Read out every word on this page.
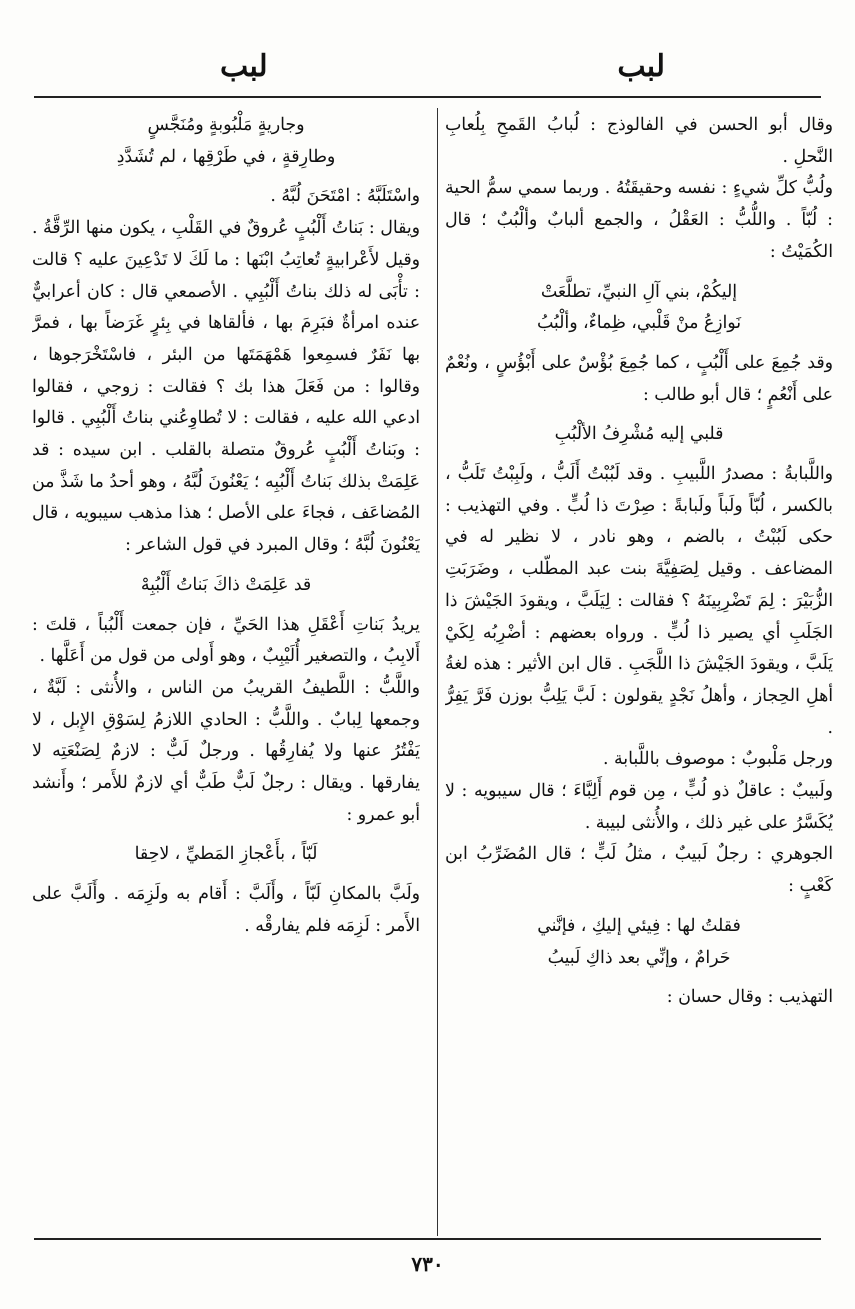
لبب
لبب

وقال أبو الحسن في الفالوذج : لُبابُ القَمحِ بِلُعابِ النَّحلِ .

ولُبُّ كلِّ شيءٍ : نفسه وحقيقَتُهُ . وربما سمي سمُّ الحية : لُبّاً . واللُّبُّ : العَقْلُ ، والجمع ألبابٌ وألْبُبٌ ؛ قال الكُمَيْتُ :

إليكُمْ، بني آلِ النبيِّ، تطلَّعَتْ
نَوازِعُ منْ قَلْبي، ظِماءٌ، وألْبُبُ

وقد جُمِعَ على أَلْبُبٍ ، كما جُمِعَ بُؤْسٌ على أَبْؤُسٍ ، ونُعْمٌ على أَنْعُمٍ ؛ قال أبو طالب :

قلبي إليه مُشْرِفُ الألْبُبِ

واللَّبابةُ : مصدرُ اللَّبيبِ . وقد لَبُبْتُ أَلَبُّ ، ولَبِبْتُ تَلَبُّ ، بالكسر ، لُبّاً ولَباً ولَبابةً : صِرْتَ ذا لُبٍّ . وفي التهذيب : حكى لَبُبْتُ ، بالضم ، وهو نادر ، لا نظير له في المضاعف . وقيل لِصَفِيَّةَ بنت عبد المطّلب ، وضَرَبَتِ الزُّبَيْرَ : لِمَ تَضْرِبِينَهُ ؟ فقالت : لِيَلَبَّ ، ويقودَ الجَيْشَ ذا الجَلَبِ أي يصير ذا لُبٍّ . ورواه بعضهم : أضْرِبُه لِكَيْ يَلَبَّ ، ويقودَ الجَيْشَ ذا اللَّجَبِ . قال ابن الأثير : هذه لغةُ أهلِ الحِجاز ، وأهلُ نَجْدٍ يقولون : لَبَّ يَلِبُّ بوزن فَرَّ يَفِرُّ .

ورجل مَلْبوبٌ : موصوف باللَّبابة .

ولَبيبٌ : عاقلٌ ذو لُبٍّ ، مِن قوم أَلِبَّاءَ ؛ قال سيبويه : لا يُكَسَّرُ على غير ذلك ، والأُنثى لبيبة .

الجوهري : رجلٌ لَبيبٌ ، مثلُ لَبٍّ ؛ قال المُضَرِّبُ ابن كَعْبٍ :

فقلتُ لها : فِيئي إليكِ ، فإنَّني
حَرامٌ ، وإنِّي بعد ذاكِ لَبيبُ

التهذيب : وقال حسان :

وجاريةٍ مَلْبُوبةٍ ومُنَجَّسٍ
وطارِقةٍ ، في طَرْقِها ، لم تُشَدَّدِ

واسْتَلَبَّهُ : امْتَحَنَ لُبَّهُ .

ويقال : بَناتُ أَلْبُبٍ عُروقٌ في القَلْبِ ، يكون منها الرِّقَّةُ . وقيل لأَعْرابيةٍ تُعاتِبُ ابْنَها : ما لَكَ لا تَدْعِينَ عليه ؟ قالت : تأْبَى له ذلك بناتُ أَلْبُبِي . الأصمعي قال : كان أعرابيٌّ عنده امرأةٌ فبَرِمَ بها ، فألقاها في بِئرٍ غَرَضاً بها ، فمرَّ بها نَفَرٌ فسمِعوا هَمْهَمَتَها من البئر ، فاسْتَخْرَجوها ، وقالوا : من فَعَلَ هذا بك ؟ فقالت : زوجي ، فقالوا ادعي الله عليه ، فقالت : لا تُطاوِعُني بناتُ أَلْبُبِي . قالوا : وبَناتُ أَلْبُبٍ عُروقٌ متصلة بالقلب . ابن سيده : قد عَلِمَتْ بذلك بَناتُ أَلْبُبِه ؛ يَعْنُونَ لُبَّهُ ، وهو أحدُ ما شَذَّ من المُضاعَف ، فجاءَ على الأصل ؛ هذا مذهب سيبويه ، قال يَعْنُونَ لُبَّهُ ؛ وقال المبرد في قول الشاعر :

قد عَلِمَتْ ذاكَ بَناتُ أَلْبُبِهْ

يريدُ بَناتِ أَعْقَلِ هذا الحَيِّ ، فإن جمعت أَلْبُباً ، قلتَ : أَلابِبُ ، والتصغير أُلَيْبِبٌ ، وهو أَولى من قول من أَعَلَّها .

واللَّبُّ : اللَّطيفُ القريبُ من الناس ، والأُنثى : لَبَّةٌ ، وجمعها لِبابٌ . واللَّبُّ : الحادي اللازمُ لِسَوْقِ الإِبل ، لا يَفْتُرُ عنها ولا يُفارِقُها . ورجلٌ لَبٌّ : لازمٌ لِصَنْعَتِه لا يفارقها . ويقال : رجلٌ لَبٌّ طَبٌّ أي لازمٌ للأَمر ؛ وأَنشد أبو عمرو :

لَبّاً ، بأَعْجازِ المَطيِّ ، لاحِقا

ولَبَّ بالمكانِ لَبّاً ، وأَلَبَّ : أَقام به ولَزِمَه . وأَلَبَّ على الأَمر : لَزِمَه فلم يفارقْه .

٧٣٠
